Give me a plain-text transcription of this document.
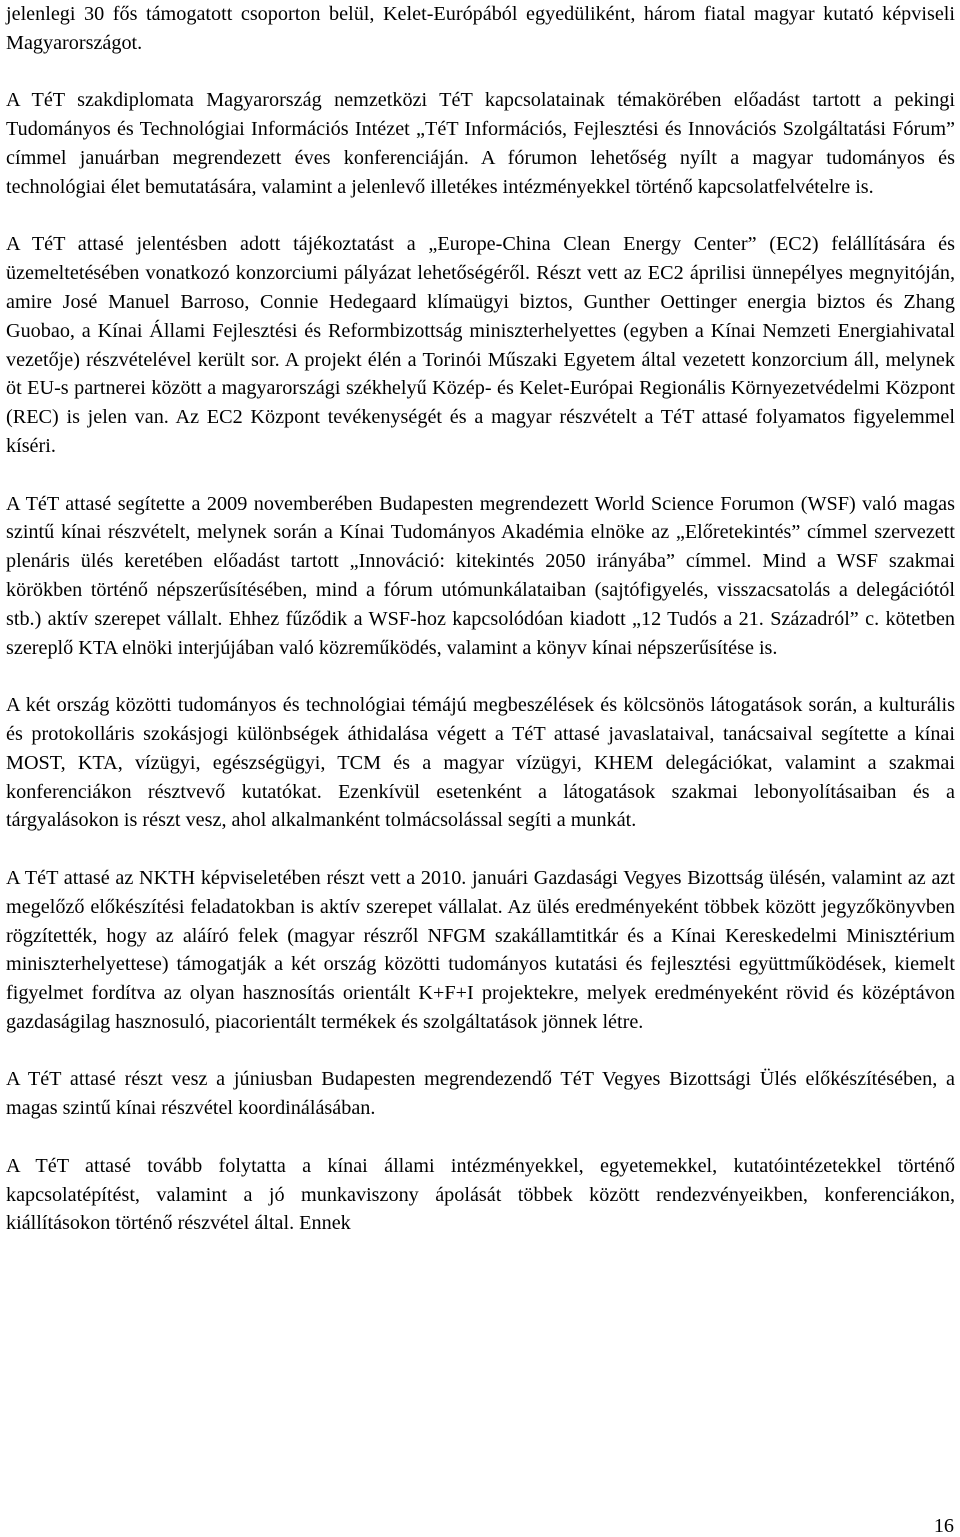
jelenlegi 30 fős támogatott csoporton belül, Kelet-Európából egyedüliként, három fiatal magyar kutató képviseli Magyarországot.

A TéT szakdiplomata Magyarország nemzetközi TéT kapcsolatainak témakörében előadást tartott a pekingi Tudományos és Technológiai Információs Intézet „TéT Információs, Fejlesztési és Innovációs Szolgáltatási Fórum” címmel januárban megrendezett éves konferenciáján. A fórumon lehetőség nyílt a magyar tudományos és technológiai élet bemutatására, valamint a jelenlevő illetékes intézményekkel történő kapcsolatfelvételre is.

A TéT attasé jelentésben adott tájékoztatást a „Europe-China Clean Energy Center” (EC2) felállítására és üzemeltetésében vonatkozó konzorciumi pályázat lehetőségéről. Részt vett az EC2 áprilisi ünnepélyes megnyitóján, amire José Manuel Barroso, Connie Hedegaard klímaügyi biztos, Gunther Oettinger energia biztos és Zhang Guobao, a Kínai Állami Fejlesztési és Reformbizottság miniszterhelyettes (egyben a Kínai Nemzeti Energiahivatal vezetője) részvételével került sor. A projekt élén a Torinói Műszaki Egyetem által vezetett konzorcium áll, melynek öt EU-s partnerei között a magyarországi székhelyű Közép- és Kelet-Európai Regionális Környezetvédelmi Központ (REC) is jelen van. Az EC2 Központ tevékenységét és a magyar részvételt a TéT attasé folyamatos figyelemmel kíséri.

A TéT attasé segítette a 2009 novemberében Budapesten megrendezett World Science Forumon (WSF) való magas szintű kínai részvételt, melynek során a Kínai Tudományos Akadémia elnöke az „Előretekintés” címmel szervezett plenáris ülés keretében előadást tartott „Innováció: kitekintés 2050 irányába” címmel. Mind a WSF szakmai körökben történő népszerűsítésében, mind a fórum utómunkálataiban (sajtófigyelés, visszacsatolás a delegációtól stb.) aktív szerepet vállalt. Ehhez fűződik a WSF-hoz kapcsolódóan kiadott „12 Tudós a 21. Századról” c. kötetben szereplő KTA elnöki interjújában való közreműködés, valamint a könyv kínai népszerűsítése is.

A két ország közötti tudományos és technológiai témájú megbeszélések és kölcsönös látogatások során, a kulturális és protokolláris szokásjogi különbségek áthidalása végett a TéT attasé javaslataival, tanácsaival segítette a kínai MOST, KTA, vízügyi, egészségügyi, TCM és a magyar vízügyi, KHEM delegációkat, valamint a szakmai konferenciákon résztvevő kutatókat. Ezenkívül esetenként a látogatások szakmai lebonyolításaiban és a tárgyalásokon is részt vesz, ahol alkalmanként tolmácsolással segíti a munkát.

A TéT attasé az NKTH képviseletében részt vett a 2010. januári Gazdasági Vegyes Bizottság ülésén, valamint az azt megelőző előkészítési feladatokban is aktív szerepet vállalat. Az ülés eredményeként többek között jegyzőkönyvben rögzítették, hogy az aláíró felek (magyar részről NFGM szakállamtitkár és a Kínai Kereskedelmi Minisztérium miniszterhelyettese) támogatják a két ország közötti tudományos kutatási és fejlesztési együttműködések, kiemelt figyelmet fordítva az olyan hasznosítás orientált K+F+I projektekre, melyek eredményeként rövid és középtávon gazdaságilag hasznosuló, piacorientált termékek és szolgáltatások jönnek létre.

A TéT attasé részt vesz a júniusban Budapesten megrendezendő TéT Vegyes Bizottsági Ülés előkészítésében, a magas szintű kínai részvétel koordinálásában.

A TéT attasé tovább folytatta a kínai állami intézményekkel, egyetemekkel, kutatóintézetekkel történő kapcsolatépítést, valamint a jó munkaviszony ápolását többek között rendezvényeikben, konferenciákon, kiállításokon történő részvétel által. Ennek

16
